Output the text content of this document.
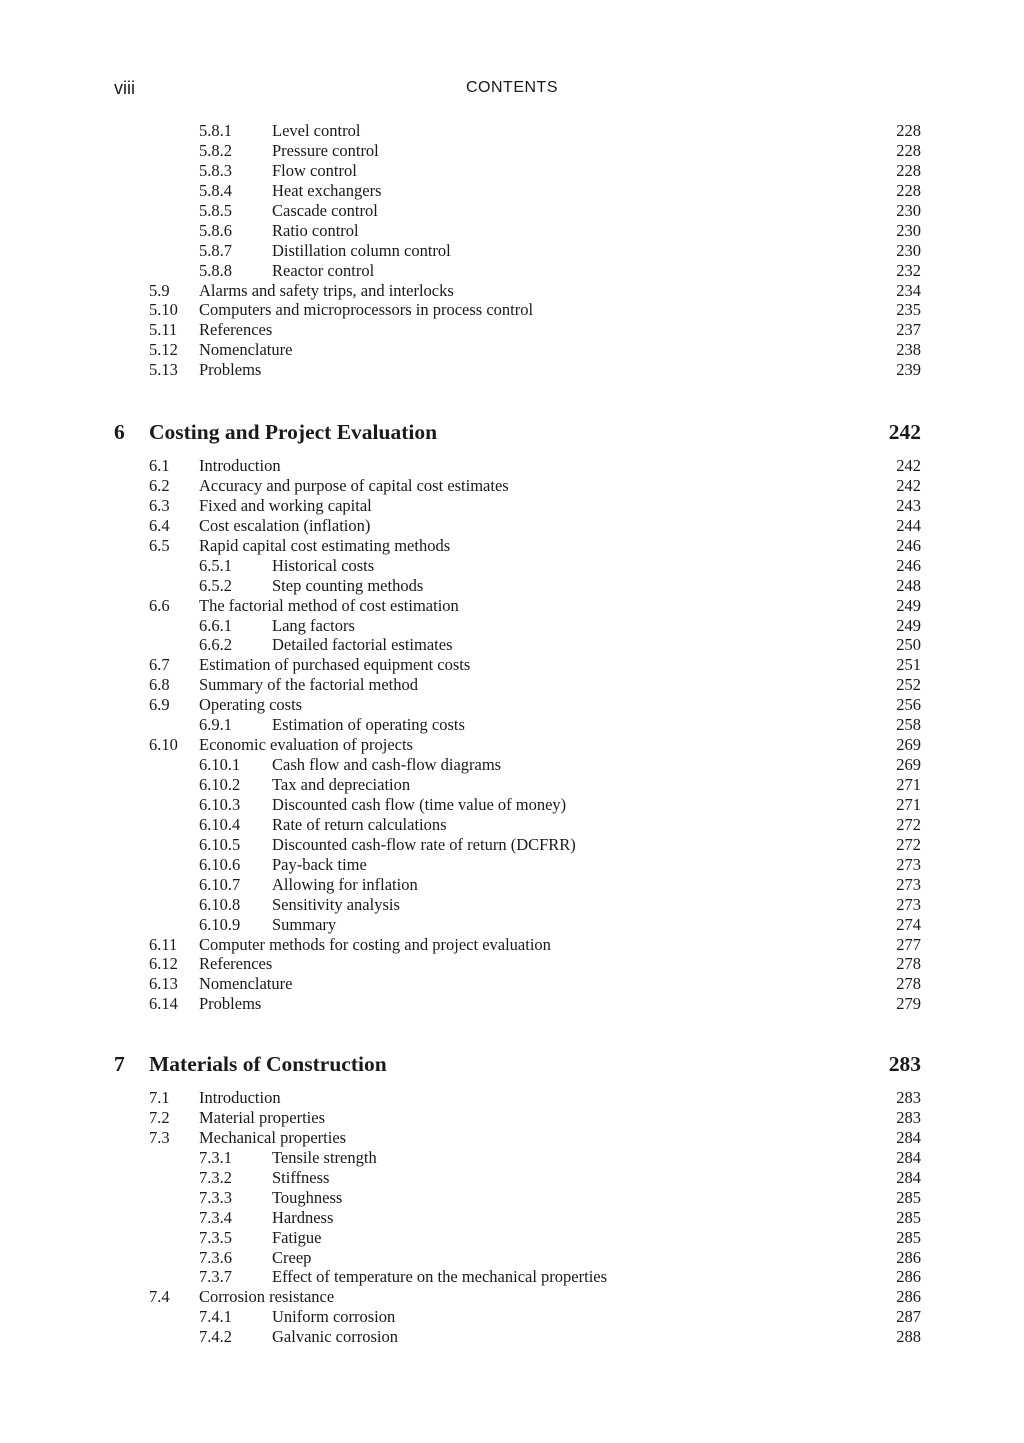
viii	CONTENTS
5.8.1 Level control	228
5.8.2 Pressure control	228
5.8.3 Flow control	228
5.8.4 Heat exchangers	228
5.8.5 Cascade control	230
5.8.6 Ratio control	230
5.8.7 Distillation column control	230
5.8.8 Reactor control	232
5.9 Alarms and safety trips, and interlocks	234
5.10 Computers and microprocessors in process control	235
5.11 References	237
5.12 Nomenclature	238
5.13 Problems	239
6 Costing and Project Evaluation	242
6.1 Introduction	242
6.2 Accuracy and purpose of capital cost estimates	242
6.3 Fixed and working capital	243
6.4 Cost escalation (inflation)	244
6.5 Rapid capital cost estimating methods	246
6.5.1 Historical costs	246
6.5.2 Step counting methods	248
6.6 The factorial method of cost estimation	249
6.6.1 Lang factors	249
6.6.2 Detailed factorial estimates	250
6.7 Estimation of purchased equipment costs	251
6.8 Summary of the factorial method	252
6.9 Operating costs	256
6.9.1 Estimation of operating costs	258
6.10 Economic evaluation of projects	269
6.10.1 Cash flow and cash-flow diagrams	269
6.10.2 Tax and depreciation	271
6.10.3 Discounted cash flow (time value of money)	271
6.10.4 Rate of return calculations	272
6.10.5 Discounted cash-flow rate of return (DCFRR)	272
6.10.6 Pay-back time	273
6.10.7 Allowing for inflation	273
6.10.8 Sensitivity analysis	273
6.10.9 Summary	274
6.11 Computer methods for costing and project evaluation	277
6.12 References	278
6.13 Nomenclature	278
6.14 Problems	279
7 Materials of Construction	283
7.1 Introduction	283
7.2 Material properties	283
7.3 Mechanical properties	284
7.3.1 Tensile strength	284
7.3.2 Stiffness	284
7.3.3 Toughness	285
7.3.4 Hardness	285
7.3.5 Fatigue	285
7.3.6 Creep	286
7.3.7 Effect of temperature on the mechanical properties	286
7.4 Corrosion resistance	286
7.4.1 Uniform corrosion	287
7.4.2 Galvanic corrosion	288
